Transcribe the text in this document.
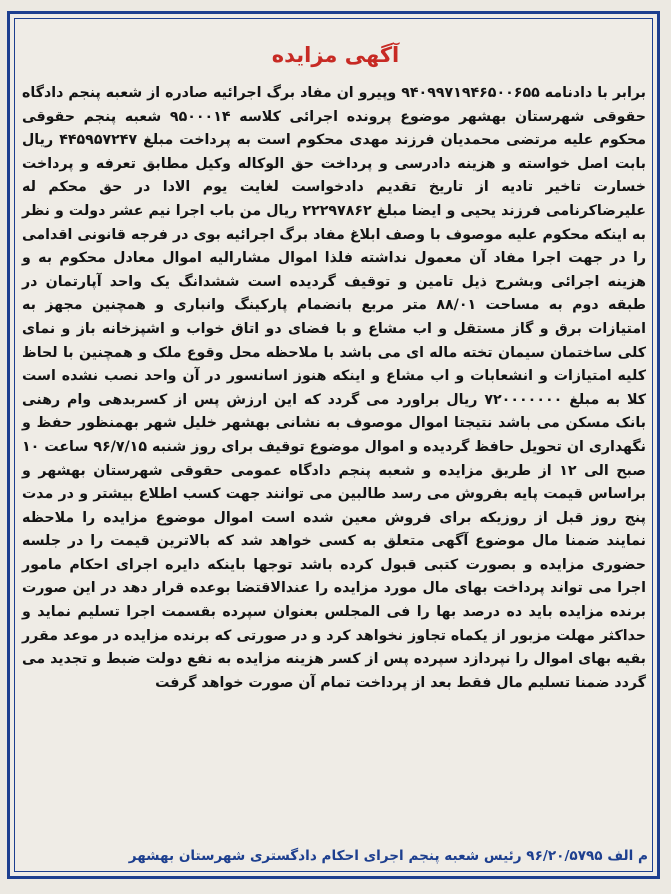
آگهی مزایده
برابر با دادنامه ۹۴۰۹۹۷۱۹۴۶۵۰۰۶۵۵ وپیرو ان مفاد برگ اجرائیه صادره از شعبه پنجم دادگاه حقوقی شهرستان بهشهر موضوع پرونده اجرائی کلاسه ۹۵۰۰۰۱۴ شعبه پنجم حقوقی محکوم علیه مرتضی محمدیان فرزند مهدی محکوم است به پرداخت مبلغ ۴۴۵۹۵۷۲۴۷ ریال بابت اصل خواسته و هزینه دادرسی و پرداخت حق الوکاله وکیل مطابق تعرفه و پرداخت خسارت تاخیر تادیه از تاریخ تقدیم دادخواست لغایت یوم الادا در حق محکم له علیرضاکرنامی فرزند یحیی و ایضا مبلغ ۲۲۲۹۷۸۶۲ ریال من باب اجرا نیم عشر دولت و نظر به اینکه محکوم علیه موصوف با وصف ابلاغ مفاد برگ اجرائیه بوی در فرجه قانونی اقدامی را در جهت اجرا مفاد آن معمول نداشته فلذا اموال مشارالیه اموال معادل محکوم به و هزینه اجرائی وبشرح ذیل تامین و توقیف گردیده است ششدانگ یک واحد آپارتمان در طبقه دوم به مساحت ۸۸/۰۱ متر مربع بانضمام پارکینگ وانباری و همچنین مجهز به امتیازات برق و گاز مستقل و اب مشاع و با فضای دو اتاق خواب و اشپزخانه باز و نمای کلی ساختمان سیمان تخته ماله ای می باشد با ملاحظه محل وقوع ملک و همچنین با لحاظ کلیه امتیازات و انشعابات و اب مشاع و اینکه هنوز اسانسور در آن واحد نصب نشده است کلا به مبلغ ۷۲۰۰۰۰۰۰۰ ریال براورد می گردد که این ارزش پس از کسربدهی وام رهنی بانک مسکن می باشد نتیجتا اموال موصوف به نشانی بهشهر خلیل شهر بهمنظور حفظ و نگهداری ان تحویل حافظ گردیده و اموال موضوع توقیف برای روز شنبه ۹۶/۷/۱۵ ساعت ۱۰ صبح الی ۱۲ از طریق مزایده و شعبه پنجم دادگاه عمومی حقوقی شهرستان بهشهر و براساس قیمت پایه بفروش می رسد طالبین می توانند جهت کسب اطلاع بیشتر و در مدت پنج روز قبل از روزیکه برای فروش معین شده است اموال موضوع مزایده را ملاحظه نمایند ضمنا مال موضوع آگهی متعلق به کسی خواهد شد که بالاترین قیمت را در جلسه حضوری مزایده و بصورت کتبی قبول کرده باشد توجها باینکه دایره اجرای احکام مامور اجرا می تواند پرداخت بهای مال مورد مزایده را عندالاقتضا بوعده قرار دهد در این صورت برنده مزایده باید ده درصد بها را فی المجلس بعنوان سپرده بقسمت اجرا تسلیم نماید و حداکثر مهلت مزبور از یکماه تجاوز نخواهد کرد و در صورتی که برنده مزایده در موعد مقرر بقیه بهای اموال را نپردازد سپرده پس از کسر هزینه مزایده به نفع دولت ضبط و تجدید می گردد ضمنا تسلیم مال فقط بعد از پرداخت تمام آن صورت خواهد گرفت
م الف ۹۶/۲۰/۵۷۹۵ رئیس شعبه پنجم اجرای احکام دادگستری شهرستان بهشهر
